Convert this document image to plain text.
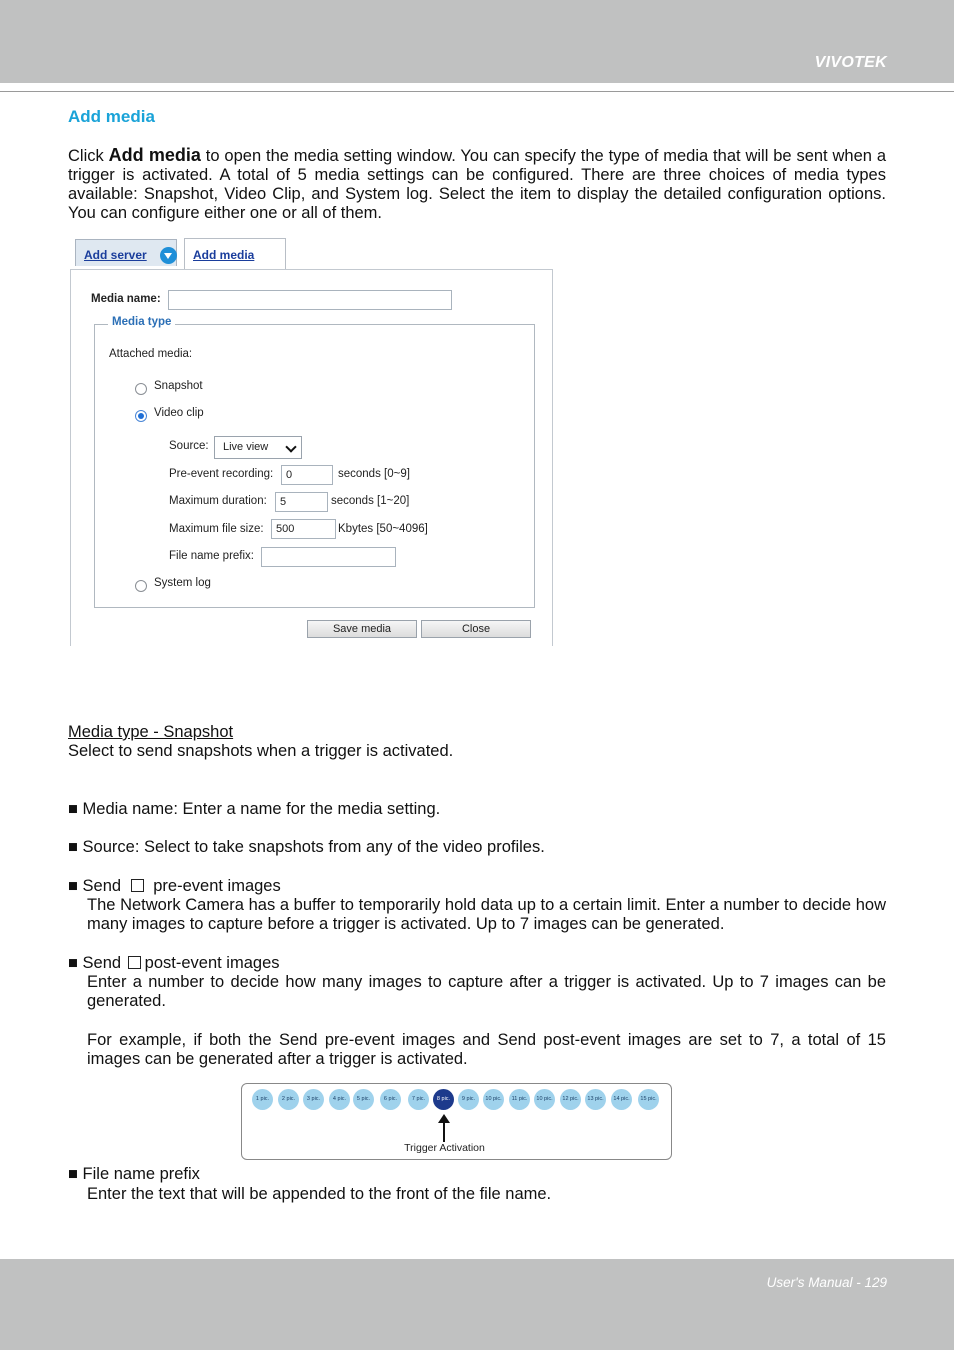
VIVOTEK
Add media

Click Add media to open the media setting window. You can specify the type of media that will be sent when a trigger is activated. A total of 5 media settings can be configured. There are three choices of media types available: Snapshot, Video Clip, and System log. Select the item to display the detailed configuration options. You can configure either one or all of them.

Add server	Add media
Media name:
Media type
Attached media:
Snapshot
Video clip
Source:	Live view
Pre-event recording:	0	seconds [0~9]
Maximum duration:	5	seconds [1~20]
Maximum file size:	500	Kbytes [50~4096]
File name prefix:
System log
Save media	Close
Media type - Snapshot
Select to send snapshots when a trigger is activated.
■ Media name: Enter a name for the media setting.
■ Source: Select to take snapshots from any of the video profiles.
■ Send  pre-event images
The Network Camera has a buffer to temporarily hold data up to a certain limit. Enter a number to decide how many images to capture before a trigger is activated. Up to 7 images can be generated.
■ Send post-event images
Enter a number to decide how many images to capture after a trigger is activated. Up to 7 images can be generated.
For example, if both the Send pre-event images and Send post-event images are set to 7, a total of 15 images can be generated after a trigger is activated.
1 pic.	2 pic.	3 pic.	4 pic.	5 pic.	6 pic.	7 pic.	8 pic.	9 pic.	10 pic.	11 pic.	10 pic.	12 pic.	13 pic.	14 pic.	15 pic.
Trigger Activation
■ File name prefix
Enter the text that will be appended to the front of the file name.
User's Manual - 129
